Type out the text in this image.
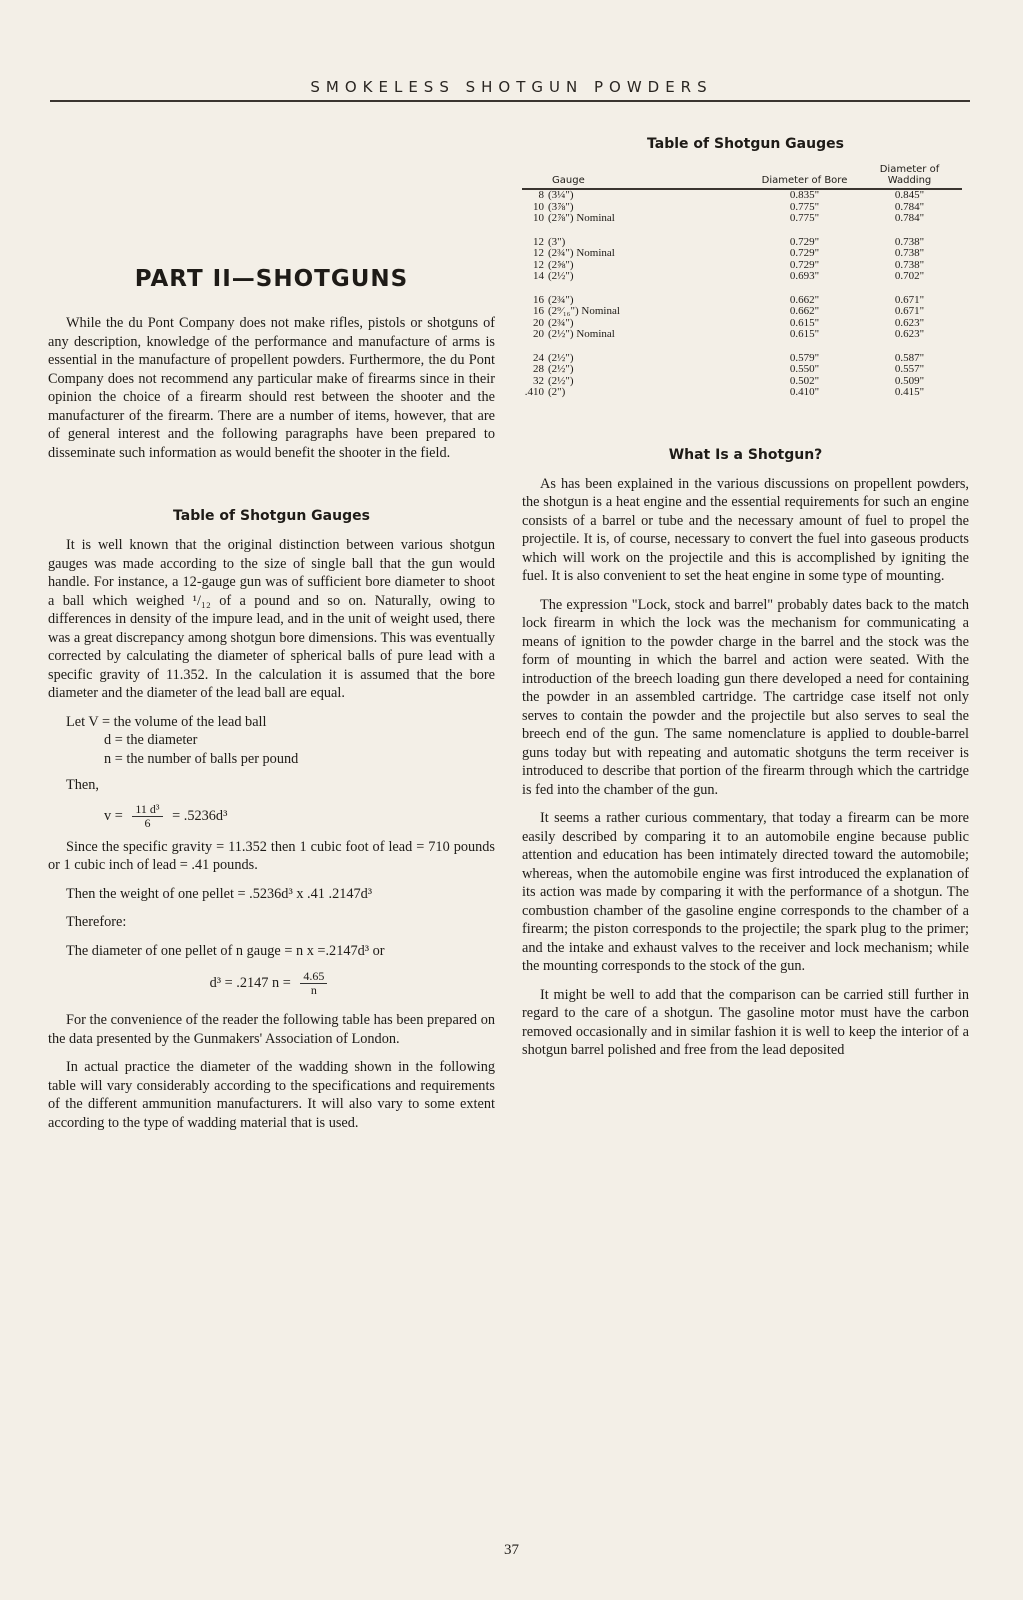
SMOKELESS SHOTGUN POWDERS
PART II—SHOTGUNS

While the du Pont Company does not make rifles, pistols or shotguns of any description, knowledge of the performance and manufacture of arms is essential in the manufacture of propellent powders. Furthermore, the du Pont Company does not recommend any particular make of firearms since in their opinion the choice of a firearm should rest between the shooter and the manufacturer of the firearm. There are a number of items, however, that are of general interest and the following paragraphs have been prepared to disseminate such information as would benefit the shooter in the field.

Table of Shotgun Gauges

It is well known that the original distinction between various shotgun gauges was made according to the size of single ball that the gun would handle. For instance, a 12-gauge gun was of sufficient bore diameter to shoot a ball which weighed ¹/₁₂ of a pound and so on. Naturally, owing to differences in density of the impure lead, and in the unit of weight used, there was a great discrepancy among shotgun bore dimensions. This was eventually corrected by calculating the diameter of spherical balls of pure lead with a specific gravity of 11.352. In the calculation it is assumed that the bore diameter and the diameter of the lead ball are equal.

Let V = the volume of the lead ball
d = the diameter
n = the number of balls per pound
Then,
$v = \frac{\text{11 d³}}{6} = .5236d^3$

Since the specific gravity = 11.352 then 1 cubic foot of lead = 710 pounds or 1 cubic inch of lead = .41 pounds.

Then the weight of one pellet = .5236d³ x .41 .2147d³

Therefore:

The diameter of one pellet of n gauge = n x =.2147d³ or

d³ = .2147 $n = \frac{4.65}{n}$

For the convenience of the reader the following table has been prepared on the data presented by the Gunmakers' Association of London.

In actual practice the diameter of the wadding shown in the following table will vary considerably according to the specifications and requirements of the different ammunition manufacturers. It will also vary to some extent according to the type of wadding material that is used.

Table of Shotgun Gauges
Gauge	Diameter of Bore	Diameter of Wadding
8 (3¼")	0.835"	0.845"
10 (3⅞")	0.775"	0.784"
10 (2⅞") Nominal	0.775"	0.784"

12 (3")	0.729"	0.738"
12 (2¾") Nominal	0.729"	0.738"
12 (2⅝")	0.729"	0.738"
14 (2½")	0.693"	0.702"

16 (2¾")	0.662"	0.671"
16 (2⁹⁄₁₆") Nominal	0.662"	0.671"
20 (2¾")	0.615"	0.623"
20 (2½") Nominal	0.615"	0.623"

24 (2½")	0.579"	0.587"
28 (2½")	0.550"	0.557"
32 (2½")	0.502"	0.509"
.410 (2")	0.410"	0.415"
What Is a Shotgun?

As has been explained in the various discussions on propellent powders, the shotgun is a heat engine and the essential requirements for such an engine consists of a barrel or tube and the necessary amount of fuel to propel the projectile. It is, of course, necessary to convert the fuel into gaseous products which will work on the projectile and this is accomplished by igniting the fuel. It is also convenient to set the heat engine in some type of mounting.

The expression "Lock, stock and barrel" probably dates back to the match lock firearm in which the lock was the mechanism for communicating a means of ignition to the powder charge in the barrel and the stock was the form of mounting in which the barrel and action were seated. With the introduction of the breech loading gun there developed a need for containing the powder in an assembled cartridge. The cartridge case itself not only serves to contain the powder and the projectile but also serves to seal the breech end of the gun. The same nomenclature is applied to double-barrel guns today but with repeating and automatic shotguns the term receiver is introduced to describe that portion of the firearm through which the cartridge is fed into the chamber of the gun.

It seems a rather curious commentary, that today a firearm can be more easily described by comparing it to an automobile engine because public attention and education has been intimately directed toward the automobile; whereas, when the automobile engine was first introduced the explanation of its action was made by comparing it with the performance of a shotgun. The combustion chamber of the gasoline engine corresponds to the chamber of a firearm; the piston corresponds to the projectile; the spark plug to the primer; and the intake and exhaust valves to the receiver and lock mechanism; while the mounting corresponds to the stock of the gun.

It might be well to add that the comparison can be carried still further in regard to the care of a shotgun. The gasoline motor must have the carbon removed occasionally and in similar fashion it is well to keep the interior of a shotgun barrel polished and free from the lead deposited

37
